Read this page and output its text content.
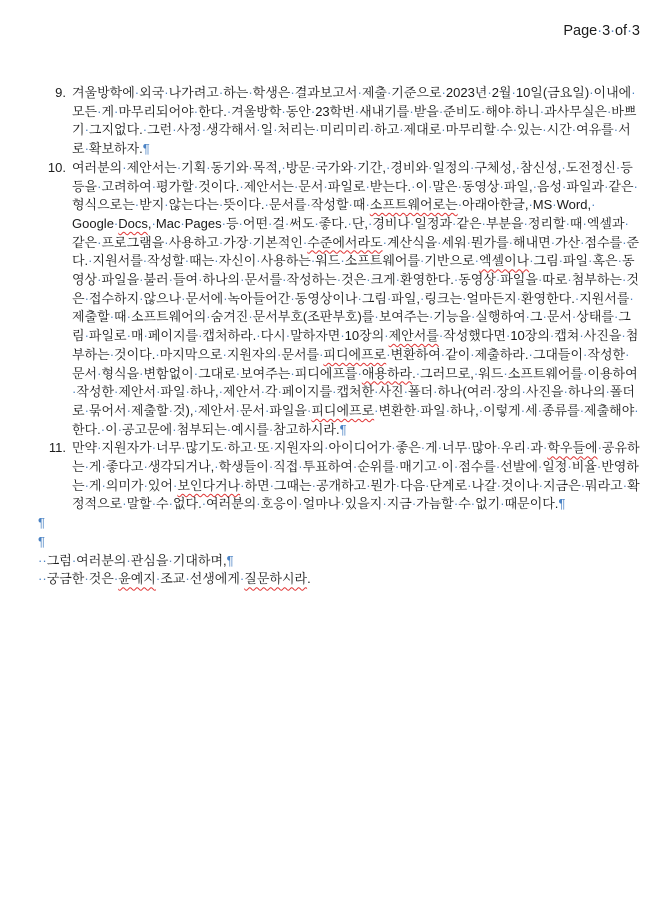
Page·3·of·3
9. 겨울방학에·외국·나가려고·하는·학생은·결과보고서·제출·기준으로·2023년·2월·10일(금요일)·이내에·모든·게·마무리되어야·한다.·겨울방학·동안·23학번·새내기를·받을·준비도·해야·하니·과사무실은·바쁘기·그지없다.·그런·사정·생각해서·일·처리는·미리미리·하고·제대로·마무리할·수·있는·시간·여유를·서로·확보하자.¶
10. 여러분의·제안서는·기획·동기와·목적,·방문·국가와·기간,·경비와·일정의·구체성,·참신성,·도전정신·등등을·고려하여·평가할·것이다.·제안서는·문서·파일로·받는다.·이·말은·동영상·파일,·음성·파일과·같은·형식으로는·받지·않는다는·뜻이다.·문서를·작성할·때·소프트웨어로는·아래아한글,·MS·Word,·Google·Docs,·Mac·Pages·등·어떤·걸·써도·좋다.·단,·경비나·일정과·같은·부분을·정리할·때·엑셀과·같은·프로그램을·사용하고·가장·기본적인·수준에서라도·계산식을·세워·뭔가를·해내면·가산·점수를·준다.·지원서를·작성할·때는·자신이·사용하는·워드·소프트웨어를·기반으로·엑셀이나·그림·파일·혹은·동영상·파일을·불러·들여·하나의·문서를·작성하는·것은·크게·환영한다.·동영상·파일을·따로·첨부하는·것은·접수하지·않으나·문서에·녹아들어간·동영상이나·그림·파일,·링크는·얼마든지·환영한다.·지원서를·제출할·때·소프트웨어의·숨겨진·문서부호(조판부호)를·보여주는·기능을·실행하여·그·문서·상태를·그림·파일로·매·페이지를·캡처하라.·다시·말하자면·10장의·제안서를·작성했다면·10장의·캡쳐·사진을·첨부하는·것이다.·마지막으로·지원자의·문서를·피디에프로·변환하여·같이·제출하라.·그대들이·작성한·문서·형식을·변함없이·그대로·보여주는·피디에프를·애용하라.·그러므로,·워드·소프트웨어를·이용하여·작성한·제안서·파일·하나,·제안서·각·페이지를·캡처한·사진·폴더·하나(여러·장의·사진을·하나의·폴더로·묶어서·제출할·것),·제안서·문서·파일을·피디에프로·변환한·파일·하나,·이렇게·세·종류를·제출해야·한다.·이·공고문에·첨부되는·예시를·참고하시라.¶
11. 만약·지원자가·너무·많기도·하고·또·지원자의·아이디어가·좋은·게·너무·많아·우리·과·학우들에·공유하는·게·좋다고·생각되거나,·학생들이·직접·투표하여·순위를·매기고·이·점수를·선발에·일정·비율·반영하는·게·의미가·있어·보인다거나·하면·그때는·공개하고·뭔가·다음·단계로·나갈·것이나·지금은·뭐라고·확정적으로·말할·수·없다.·여러분의·호응이·얼마나·있을지·지금·가늠할·수·없기·때문이다.¶
¶
¶
··그럼·여러분의·관심을·기대하며,¶
··궁금한·것은·윤예지·조교·선생에게·질문하시라.
